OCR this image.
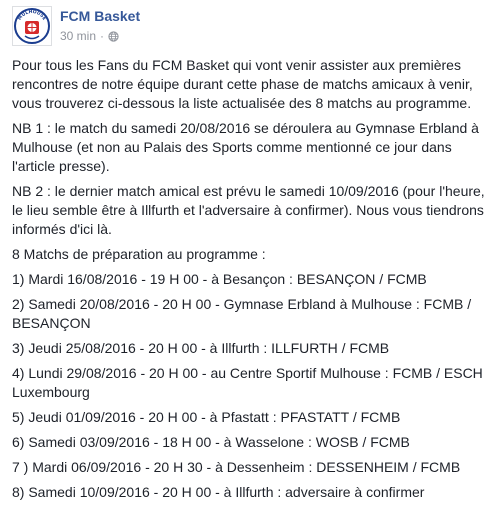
MULHOUSE FCM Basket
30 min ·

Pour tous les Fans du FCM Basket qui vont venir assister aux premières rencontres de notre équipe durant cette phase de matchs amicaux à venir, vous trouverez ci-dessous la liste actualisée des 8 matchs au programme.

NB 1 : le match du samedi 20/08/2016 se déroulera au Gymnase Erbland à Mulhouse (et non au Palais des Sports comme mentionné ce jour dans l'article presse).

NB 2 : le dernier match amical est prévu le samedi 10/09/2016 (pour l'heure, le lieu semble être à Illfurth et l'adversaire à confirmer). Nous vous tiendrons informés d'ici là.

8 Matchs de préparation au programme :

1) Mardi 16/08/2016 - 19 H 00 - à Besançon : BESANÇON / FCMB

2) Samedi 20/08/2016 - 20 H 00 - Gymnase Erbland à Mulhouse : FCMB / BESANÇON

3) Jeudi 25/08/2016 - 20 H 00 - à Illfurth : ILLFURTH / FCMB

4) Lundi 29/08/2016 - 20 H 00 - au Centre Sportif Mulhouse : FCMB / ESCH Luxembourg

5) Jeudi 01/09/2016 - 20 H 00 - à Pfastatt : PFASTATT / FCMB

6) Samedi 03/09/2016 - 18 H 00 - à Wasselone : WOSB / FCMB

7 ) Mardi 06/09/2016 - 20 H 30 - à Dessenheim : DESSENHEIM / FCMB

8) Samedi 10/09/2016 - 20 H 00 - à Illfurth : adversaire à confirmer
